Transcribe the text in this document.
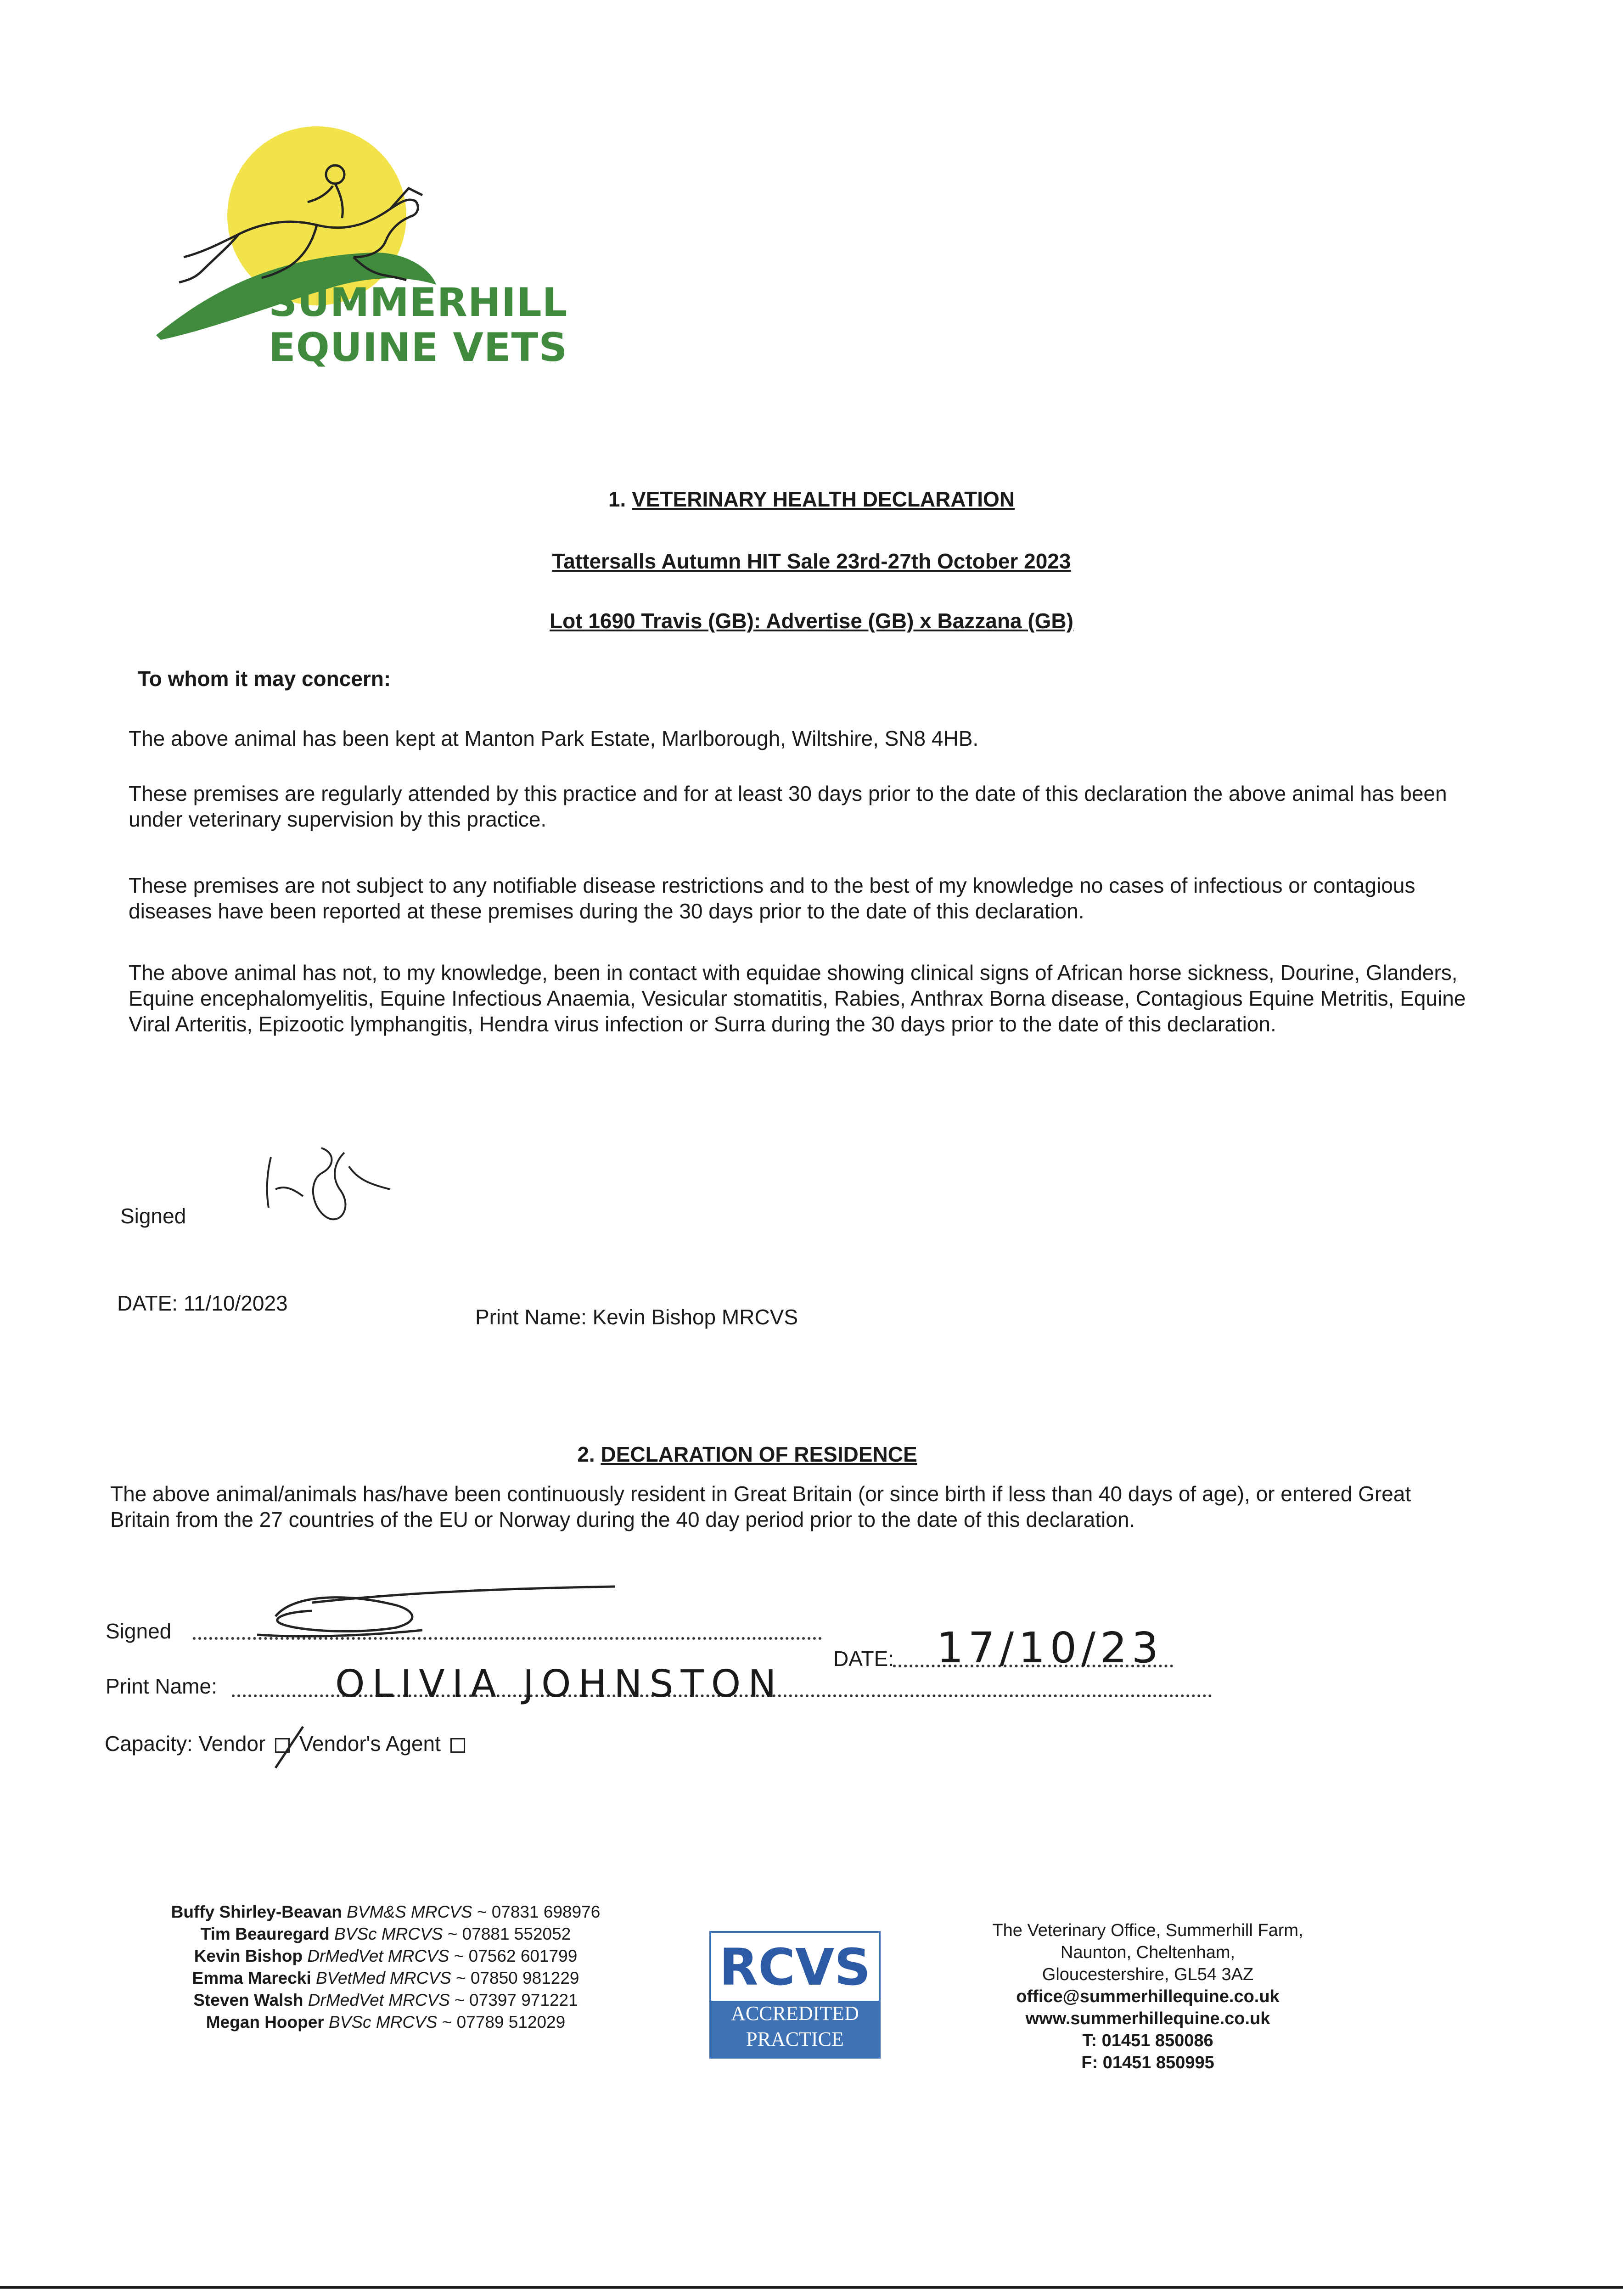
SUMMERHILL
EQUINE VETS
1. VETERINARY HEALTH DECLARATION
Tattersalls Autumn HIT Sale 23rd-27th October 2023
Lot 1690 Travis (GB): Advertise (GB) x Bazzana (GB)
To whom it may concern:
The above animal has been kept at Manton Park Estate, Marlborough, Wiltshire, SN8 4HB.
These premises are regularly attended by this practice and for at least 30 days prior to the date of this declaration the above animal has been under veterinary supervision by this practice.
These premises are not subject to any notifiable disease restrictions and to the best of my knowledge no cases of infectious or contagious diseases have been reported at these premises during the 30 days prior to the date of this declaration.
The above animal has not, to my knowledge, been in contact with equidae showing clinical signs of African horse sickness, Dourine, Glanders, Equine encephalomyelitis, Equine Infectious Anaemia, Vesicular stomatitis, Rabies, Anthrax Borna disease, Contagious Equine Metritis, Equine Viral Arteritis, Epizootic lymphangitis, Hendra virus infection or Surra during the 30 days prior to the date of this declaration.
Signed
DATE: 11/10/2023
Print Name: Kevin Bishop MRCVS
2. DECLARATION OF RESIDENCE
The above animal/animals has/have been continuously resident in Great Britain (or since birth if less than 40 days of age), or entered Great Britain from the 27 countries of the EU or Norway during the 40 day period prior to the date of this declaration.
Signed
DATE: 17/10/23
Print Name:	OLIVIA JOHNSTON
Capacity: Vendor Vendor's Agent
Buffy Shirley-Beavan BVM&S MRCVS ~ 07831 698976
Tim Beauregard BVSc MRCVS ~ 07881 552052
Kevin Bishop DrMedVet MRCVS ~ 07562 601799
Emma Marecki BVetMed MRCVS ~ 07850 981229
Steven Walsh DrMedVet MRCVS ~ 07397 971221
Megan Hooper BVSc MRCVS ~ 07789 512029
RCVS
ACCREDITED
PRACTICE
The Veterinary Office, Summerhill Farm,
Naunton, Cheltenham,
Gloucestershire, GL54 3AZ
office@summerhillequine.co.uk
www.summerhillequine.co.uk
T: 01451 850086
F: 01451 850995
